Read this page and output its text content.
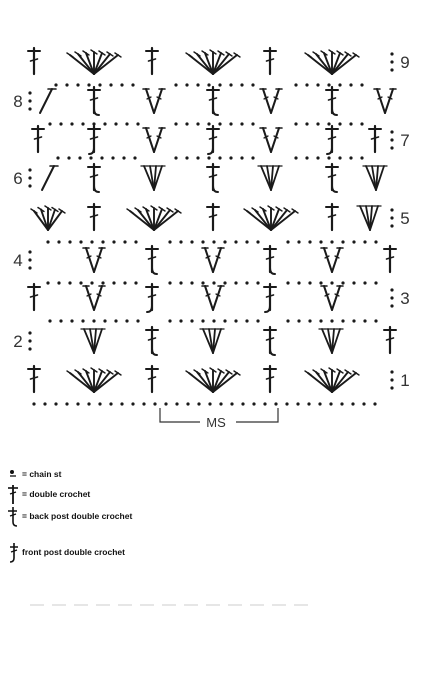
2
4
6
8
1
3
5
7
9
MS
= chain st
= double crochet
= back post double crochet
front post double crochet
